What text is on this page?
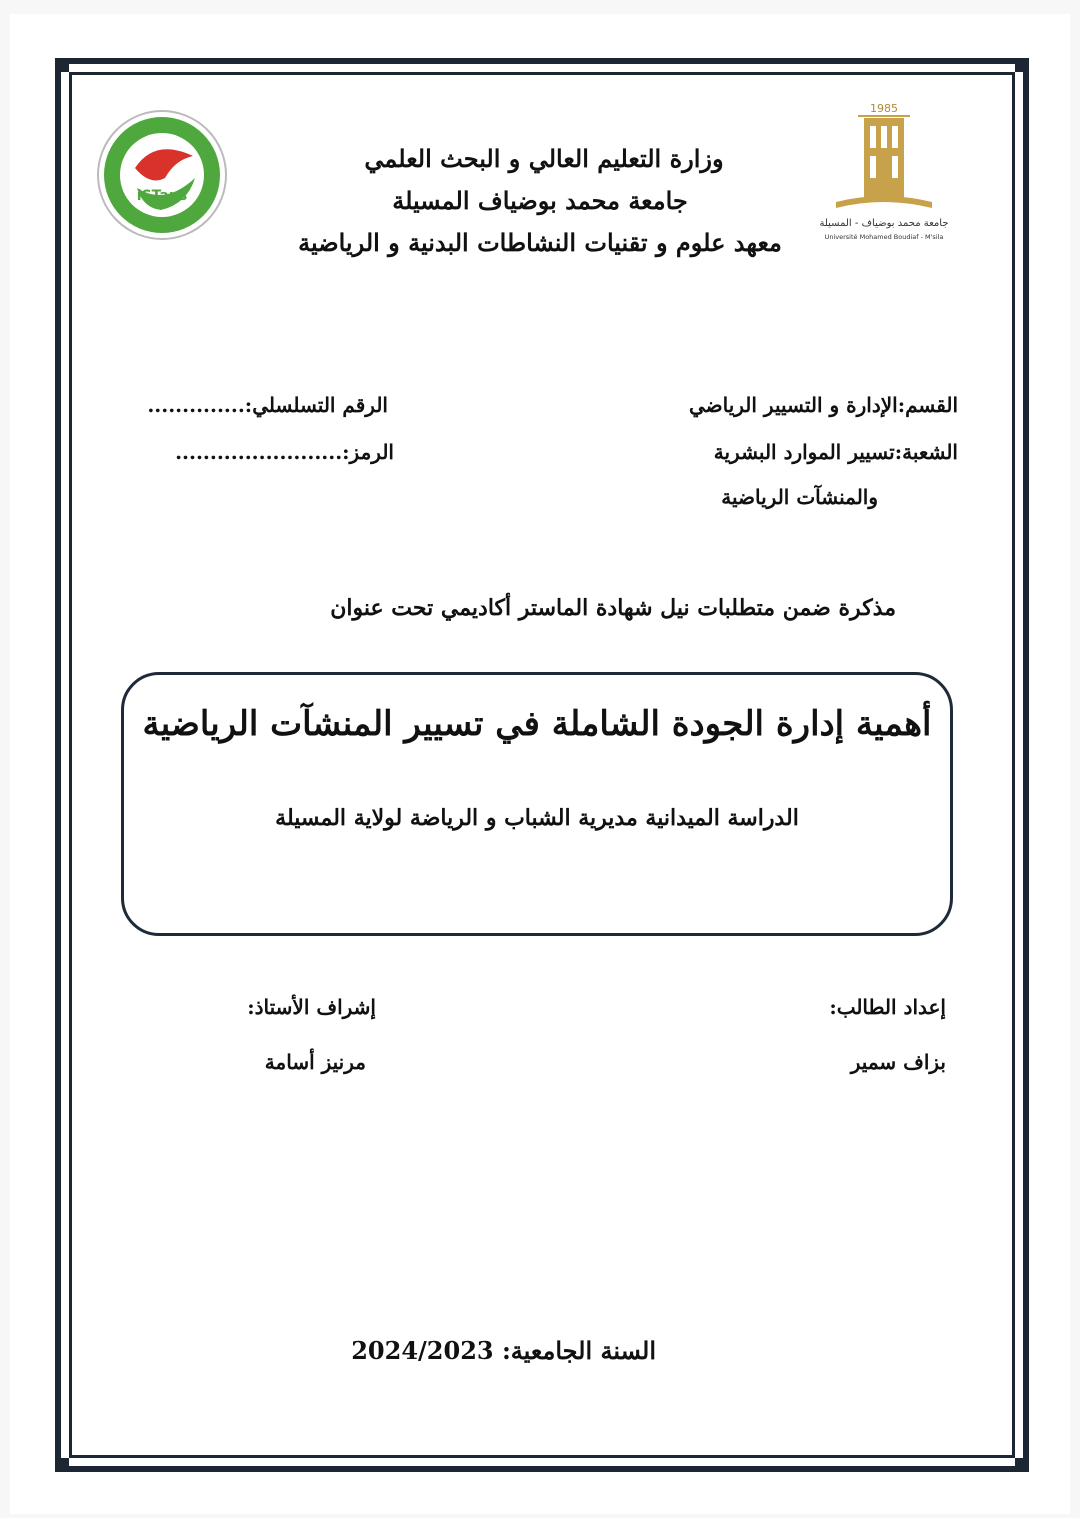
iSTaps
1985
جامعة محمد بوضياف - المسيلة
Université Mohamed Boudiaf - M'sila
وزارة التعليم العالي و البحث العلمي
جامعة محمد بوضياف المسيلة
معهد علوم و تقنيات النشاطات البدنية و الرياضية
القسم:الإدارة و التسيير الرياضي
الرقم التسلسلي:..............
الشعبة:تسيير الموارد البشرية
الرمز:........................
والمنشآت الرياضية
مذكرة ضمن متطلبات نيل شهادة الماستر أكاديمي تحت عنوان
أهمية إدارة الجودة الشاملة في تسيير المنشآت الرياضية
الدراسة الميدانية مديرية الشباب و الرياضة لولاية المسيلة
إعداد الطالب:
بزاف سمير
إشراف الأستاذ:
مرنيز أسامة
السنة الجامعية: 2024/2023
